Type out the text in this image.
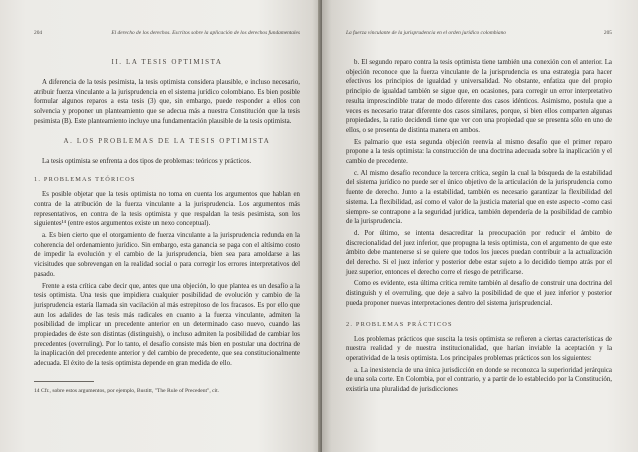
204	El derecho de los derechos. Escritos sobre la aplicación de los derechos fundamentales
II. LA TESIS OPTIMISTA

A diferencia de la tesis pesimista, la tesis optimista considera plausible, e incluso necesario, atribuir fuerza vinculante a la jurisprudencia en el sistema jurídico colombiano. Es bien posible formular algunos reparos a esta tesis (3) que, sin embargo, puede responder a ellos con solvencia y proponer un planteamiento que se adecua más a nuestra Constitución que la tesis pesimista (B). Este planteamiento incluye una fundamentación plausible de la tesis optimista.

A. LOS PROBLEMAS DE LA TESIS OPTIMISTA

La tesis optimista se enfrenta a dos tipos de problemas: teóricos y prácticos.

1. PROBLEMAS TEÓRICOS

Es posible objetar que la tesis optimista no toma en cuenta los argumentos que hablan en contra de la atribución de la fuerza vinculante a la jurisprudencia. Los argumentos más representativos, en contra de la tesis optimista y que respaldan la tesis pesimista, son los siguientes¹⁴ (entre estos argumentos existe un nexo conceptual).

a. Es bien cierto que el otorgamiento de fuerza vinculante a la jurisprudencia redunda en la coherencia del ordenamiento jurídico. Sin embargo, esta ganancia se paga con el altísimo costo de impedir la evolución y el cambio de la jurisprudencia, bien sea para amoldarse a las vicisitudes que sobrevengan en la realidad social o para corregir los errores interpretativos del pasado.

Frente a esta crítica cabe decir que, antes que una objeción, lo que plantea es un desafío a la tesis optimista. Una tesis que impidiera cualquier posibilidad de evolución y cambio de la jurisprudencia estaría llamada sin vacilación al más estrepitoso de los fracasos. Es por ello que aun los adalides de las tesis más radicales en cuanto a la fuerza vinculante, admiten la posibilidad de implicar un precedente anterior en un determinado caso nuevo, cuando las propiedades de éste son distintas (distinguish), o incluso admiten la posibilidad de cambiar los precedentes (overruling). Por lo tanto, el desafío consiste más bien en postular una doctrina de la inaplicación del precedente anterior y del cambio de precedente, que sea constitucionalmente adecuada. El éxito de la tesis optimista depende en gran medida de ello.

14 Cfr., sobre estos argumentos, por ejemplo, Bustitt, "The Rule of Precedent", cit.
La fuerza vinculante de la jurisprudencia en el orden jurídico colombiano	205

b. El segundo reparo contra la tesis optimista tiene también una conexión con el anterior. La objeción reconoce que la fuerza vinculante de la jurisprudencia es una estrategia para hacer efectivos los principios de igualdad y universalidad. No obstante, enfatiza que del propio principio de igualdad también se sigue que, en ocasiones, para corregir un error interpretativo resulta imprescindible tratar de modo diferente dos casos idénticos. Asimismo, postula que a veces es necesario tratar diferente dos casos similares, porque, si bien ellos comparten algunas propiedades, la ratio decidendi tiene que ver con una propiedad que se presenta sólo en uno de ellos, o se presenta de distinta manera en ambos.

Es palmario que esta segunda objeción reenvía al mismo desafío que el primer reparo propone a la tesis optimista: la construcción de una doctrina adecuada sobre la inaplicación y el cambio de precedente.

c. Al mismo desafío reconduce la tercera crítica, según la cual la búsqueda de la estabilidad del sistema jurídico no puede ser el único objetivo de la articulación de la jurisprudencia como fuente de derecho. Junto a la estabilidad, también es necesario garantizar la flexibilidad del sistema. La flexibilidad, así como el valor de la justicia material que en este aspecto -como casi siempre- se contrapone a la seguridad jurídica, también dependería de la posibilidad de cambio de la jurisprudencia.

d. Por último, se intenta desacreditar la preocupación por reducir el ámbito de discrecionalidad del juez inferior, que propugna la tesis optimista, con el argumento de que este ámbito debe mantenerse si se quiere que todos los jueces puedan contribuir a la actualización del derecho. Si el juez inferior y posterior debe estar sujeto a lo decidido tiempo atrás por el juez superior, entonces el derecho corre el riesgo de petrificarse.

Como es evidente, esta última crítica remite también al desafío de construir una doctrina del distinguish y el overruling, que deje a salvo la posibilidad de que el juez inferior y posterior pueda proponer nuevas interpretaciones dentro del sistema jurisprudencial.

2. PROBLEMAS PRÁCTICOS

Los problemas prácticos que suscita la tesis optimista se refieren a ciertas características de nuestra realidad y de nuestra institucionalidad, que harían inviable la aceptación y la operatividad de la tesis optimista. Los principales problemas prácticos son los siguientes:

a. La inexistencia de una única jurisdicción en donde se reconozca la superioridad jerárquica de una sola corte. En Colombia, por el contrario, y a partir de lo establecido por la Constitución, existiría una pluralidad de jurisdicciones
